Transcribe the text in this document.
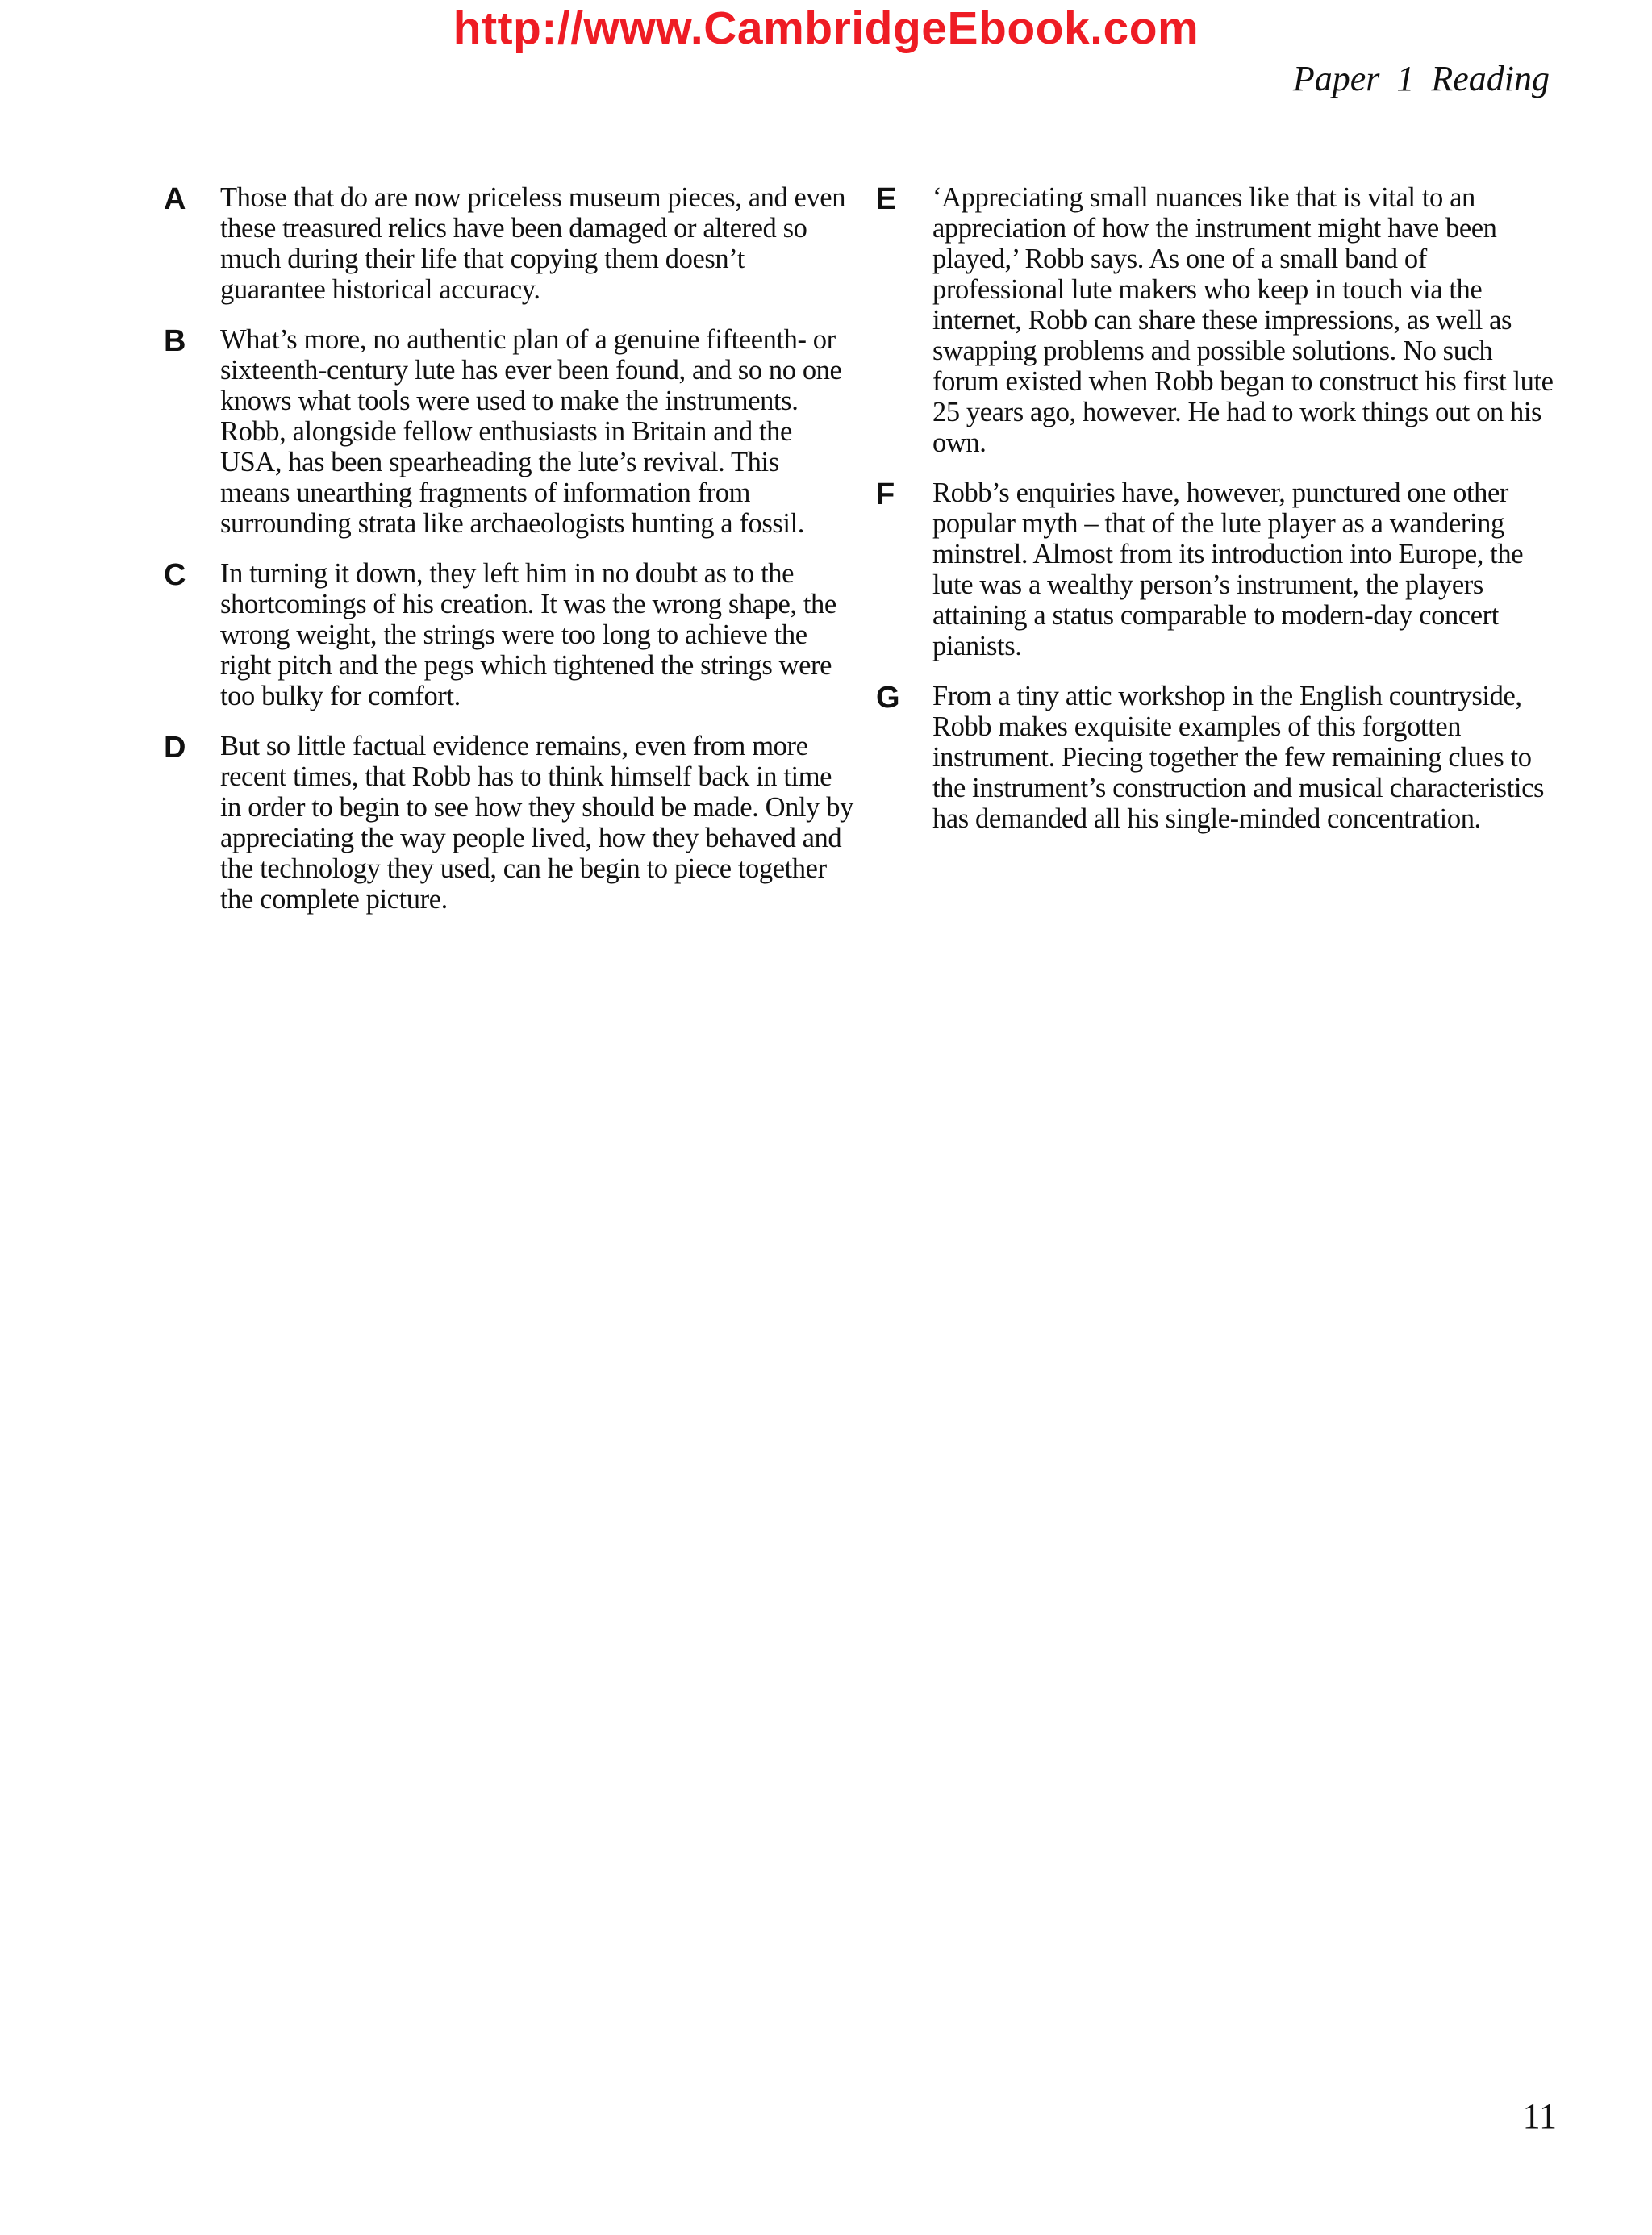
http://www.CambridgeEbook.com
Paper 1 Reading
A	Those that do are now priceless museum pieces, and even these treasured relics have been damaged or altered so much during their life that copying them doesn’t guarantee historical accuracy.

B	What’s more, no authentic plan of a genuine fifteenth- or sixteenth-century lute has ever been found, and so no one knows what tools were used to make the instruments. Robb, alongside fellow enthusiasts in Britain and the USA, has been spearheading the lute’s revival. This means unearthing fragments of information from surrounding strata like archaeologists hunting a fossil.

C	In turning it down, they left him in no doubt as to the shortcomings of his creation. It was the wrong shape, the wrong weight, the strings were too long to achieve the right pitch and the pegs which tightened the strings were too bulky for comfort.

D	But so little factual evidence remains, even from more recent times, that Robb has to think himself back in time in order to begin to see how they should be made. Only by appreciating the way people lived, how they behaved and the technology they used, can he begin to piece together the complete picture.

E	‘Appreciating small nuances like that is vital to an appreciation of how the instrument might have been played,’ Robb says. As one of a small band of professional lute makers who keep in touch via the internet, Robb can share these impressions, as well as swapping problems and possible solutions. No such forum existed when Robb began to construct his first lute 25 years ago, however. He had to work things out on his own.

F	Robb’s enquiries have, however, punctured one other popular myth – that of the lute player as a wandering minstrel. Almost from its introduction into Europe, the lute was a wealthy person’s instrument, the players attaining a status comparable to modern-day concert pianists.

G	From a tiny attic workshop in the English countryside, Robb makes exquisite examples of this forgotten instrument. Piecing together the few remaining clues to the instrument’s construction and musical characteristics has demanded all his single-minded concentration.

11
